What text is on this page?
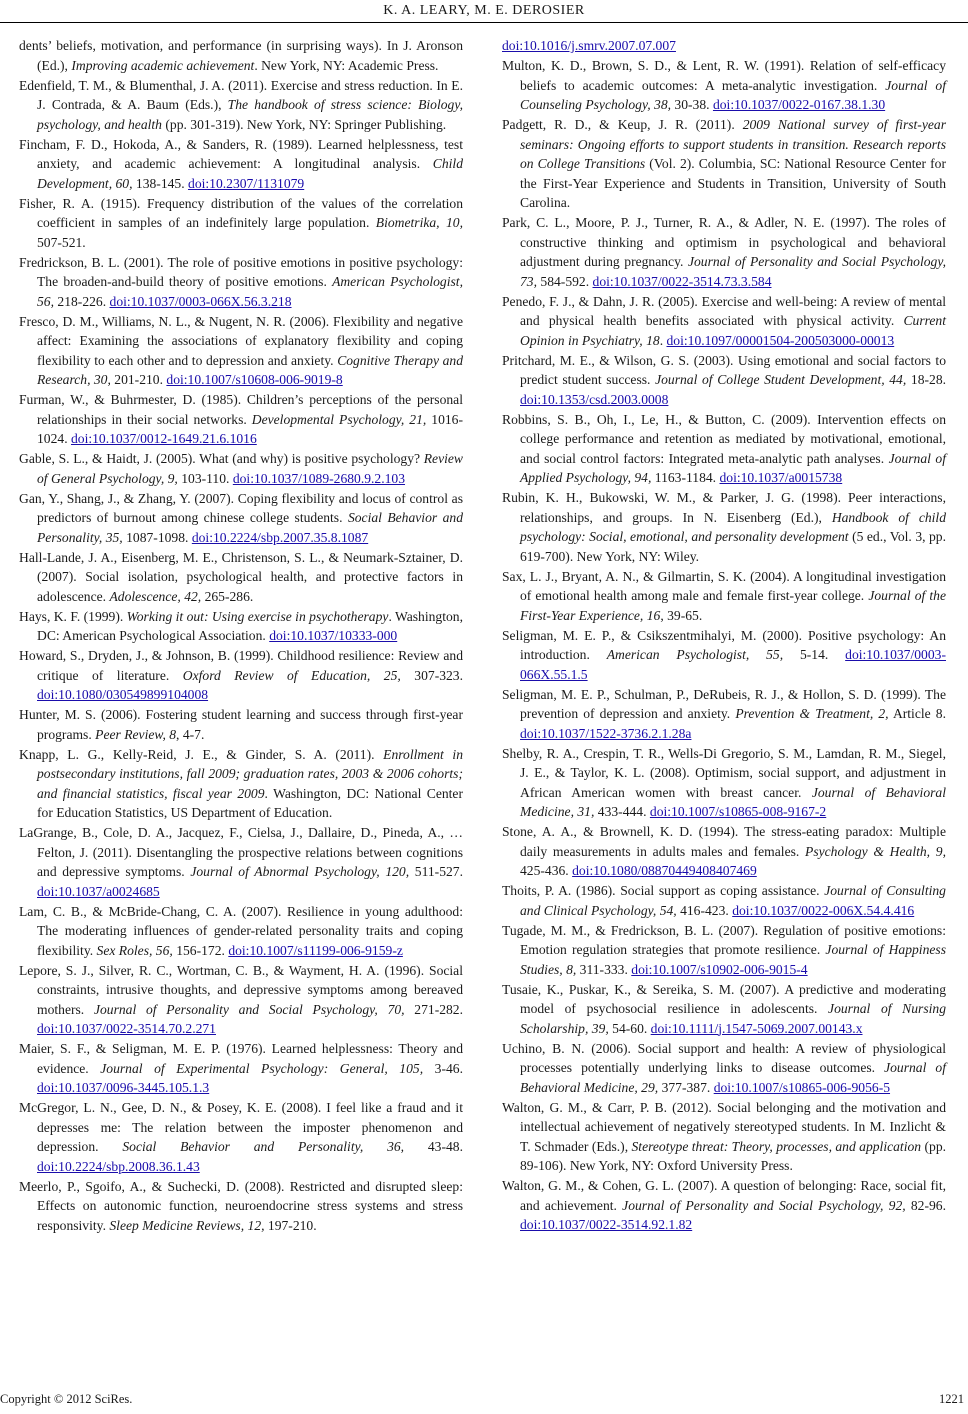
K. A. LEARY, M. E. DEROSIER

dents’ beliefs, motivation, and performance (in surprising ways). In J. Aronson (Ed.), Improving academic achievement. New York, NY: Academic Press.

Edenfield, T. M., & Blumenthal, J. A. (2011). Exercise and stress reduction. In E. J. Contrada, & A. Baum (Eds.), The handbook of stress science: Biology, psychology, and health (pp. 301-319). New York, NY: Springer Publishing.

Fincham, F. D., Hokoda, A., & Sanders, R. (1989). Learned helplessness, test anxiety, and academic achievement: A longitudinal analysis. Child Development, 60, 138-145. doi:10.2307/1131079

Fisher, R. A. (1915). Frequency distribution of the values of the correlation coefficient in samples of an indefinitely large population. Biometrika, 10, 507-521.

Fredrickson, B. L. (2001). The role of positive emotions in positive psychology: The broaden-and-build theory of positive emotions. American Psychologist, 56, 218-226. doi:10.1037/0003-066X.56.3.218

Fresco, D. M., Williams, N. L., & Nugent, N. R. (2006). Flexibility and negative affect: Examining the associations of explanatory flexibility and coping flexibility to each other and to depression and anxiety. Cognitive Therapy and Research, 30, 201-210. doi:10.1007/s10608-006-9019-8

Furman, W., & Buhrmester, D. (1985). Children’s perceptions of the personal relationships in their social networks. Developmental Psychology, 21, 1016-1024. doi:10.1037/0012-1649.21.6.1016

Gable, S. L., & Haidt, J. (2005). What (and why) is positive psychology? Review of General Psychology, 9, 103-110. doi:10.1037/1089-2680.9.2.103

Gan, Y., Shang, J., & Zhang, Y. (2007). Coping flexibility and locus of control as predictors of burnout among chinese college students. Social Behavior and Personality, 35, 1087-1098. doi:10.2224/sbp.2007.35.8.1087

Hall-Lande, J. A., Eisenberg, M. E., Christenson, S. L., & Neumark-Sztainer, D. (2007). Social isolation, psychological health, and protective factors in adolescence. Adolescence, 42, 265-286.

Hays, K. F. (1999). Working it out: Using exercise in psychotherapy. Washington, DC: American Psychological Association. doi:10.1037/10333-000

Howard, S., Dryden, J., & Johnson, B. (1999). Childhood resilience: Review and critique of literature. Oxford Review of Education, 25, 307-323. doi:10.1080/030549899104008

Hunter, M. S. (2006). Fostering student learning and success through first-year programs. Peer Review, 8, 4-7.

Knapp, L. G., Kelly-Reid, J. E., & Ginder, S. A. (2011). Enrollment in postsecondary institutions, fall 2009; graduation rates, 2003 & 2006 cohorts; and financial statistics, fiscal year 2009. Washington, DC: National Center for Education Statistics, US Department of Education.

LaGrange, B., Cole, D. A., Jacquez, F., Cielsa, J., Dallaire, D., Pineda, A., … Felton, J. (2011). Disentangling the prospective relations between cognitions and depressive symptoms. Journal of Abnormal Psychology, 120, 511-527. doi:10.1037/a0024685

Lam, C. B., & McBride-Chang, C. A. (2007). Resilience in young adulthood: The moderating influences of gender-related personality traits and coping flexibility. Sex Roles, 56, 156-172. doi:10.1007/s11199-006-9159-z

Lepore, S. J., Silver, R. C., Wortman, C. B., & Wayment, H. A. (1996). Social constraints, intrusive thoughts, and depressive symptoms among bereaved mothers. Journal of Personality and Social Psychology, 70, 271-282. doi:10.1037/0022-3514.70.2.271

Maier, S. F., & Seligman, M. E. P. (1976). Learned helplessness: Theory and evidence. Journal of Experimental Psychology: General, 105, 3-46. doi:10.1037/0096-3445.105.1.3

McGregor, L. N., Gee, D. N., & Posey, K. E. (2008). I feel like a fraud and it depresses me: The relation between the imposter phenomenon and depression. Social Behavior and Personality, 36, 43-48. doi:10.2224/sbp.2008.36.1.43

Meerlo, P., Sgoifo, A., & Suchecki, D. (2008). Restricted and disrupted sleep: Effects on autonomic function, neuroendocrine stress systems and stress responsivity. Sleep Medicine Reviews, 12, 197-210.

doi:10.1016/j.smrv.2007.07.007

Multon, K. D., Brown, S. D., & Lent, R. W. (1991). Relation of self-efficacy beliefs to academic outcomes: A meta-analytic investigation. Journal of Counseling Psychology, 38, 30-38. doi:10.1037/0022-0167.38.1.30

Padgett, R. D., & Keup, J. R. (2011). 2009 National survey of first-year seminars: Ongoing efforts to support students in transition. Research reports on College Transitions (Vol. 2). Columbia, SC: National Resource Center for the First-Year Experience and Students in Transition, University of South Carolina.

Park, C. L., Moore, P. J., Turner, R. A., & Adler, N. E. (1997). The roles of constructive thinking and optimism in psychological and behavioral adjustment during pregnancy. Journal of Personality and Social Psychology, 73, 584-592. doi:10.1037/0022-3514.73.3.584

Penedo, F. J., & Dahn, J. R. (2005). Exercise and well-being: A review of mental and physical health benefits associated with physical activity. Current Opinion in Psychiatry, 18. doi:10.1097/00001504-200503000-00013

Pritchard, M. E., & Wilson, G. S. (2003). Using emotional and social factors to predict student success. Journal of College Student Development, 44, 18-28. doi:10.1353/csd.2003.0008

Robbins, S. B., Oh, I., Le, H., & Button, C. (2009). Intervention effects on college performance and retention as mediated by motivational, emotional, and social control factors: Integrated meta-analytic path analyses. Journal of Applied Psychology, 94, 1163-1184. doi:10.1037/a0015738

Rubin, K. H., Bukowski, W. M., & Parker, J. G. (1998). Peer interactions, relationships, and groups. In N. Eisenberg (Ed.), Handbook of child psychology: Social, emotional, and personality development (5 ed., Vol. 3, pp. 619-700). New York, NY: Wiley.

Sax, L. J., Bryant, A. N., & Gilmartin, S. K. (2004). A longitudinal investigation of emotional health among male and female first-year college. Journal of the First-Year Experience, 16, 39-65.

Seligman, M. E. P., & Csikszentmihalyi, M. (2000). Positive psychology: An introduction. American Psychologist, 55, 5-14. doi:10.1037/0003-066X.55.1.5

Seligman, M. E. P., Schulman, P., DeRubeis, R. J., & Hollon, S. D. (1999). The prevention of depression and anxiety. Prevention & Treatment, 2, Article 8. doi:10.1037/1522-3736.2.1.28a

Shelby, R. A., Crespin, T. R., Wells-Di Gregorio, S. M., Lamdan, R. M., Siegel, J. E., & Taylor, K. L. (2008). Optimism, social support, and adjustment in African American women with breast cancer. Journal of Behavioral Medicine, 31, 433-444. doi:10.1007/s10865-008-9167-2

Stone, A. A., & Brownell, K. D. (1994). The stress-eating paradox: Multiple daily measurements in adults males and females. Psychology & Health, 9, 425-436. doi:10.1080/08870449408407469

Thoits, P. A. (1986). Social support as coping assistance. Journal of Consulting and Clinical Psychology, 54, 416-423. doi:10.1037/0022-006X.54.4.416

Tugade, M. M., & Fredrickson, B. L. (2007). Regulation of positive emotions: Emotion regulation strategies that promote resilience. Journal of Happiness Studies, 8, 311-333. doi:10.1007/s10902-006-9015-4

Tusaie, K., Puskar, K., & Sereika, S. M. (2007). A predictive and moderating model of psychosocial resilience in adolescents. Journal of Nursing Scholarship, 39, 54-60. doi:10.1111/j.1547-5069.2007.00143.x

Uchino, B. N. (2006). Social support and health: A review of physiological processes potentially underlying links to disease outcomes. Journal of Behavioral Medicine, 29, 377-387. doi:10.1007/s10865-006-9056-5

Walton, G. M., & Carr, P. B. (2012). Social belonging and the motivation and intellectual achievement of negatively stereotyped students. In M. Inzlicht & T. Schmader (Eds.), Stereotype threat: Theory, processes, and application (pp. 89-106). New York, NY: Oxford University Press.

Walton, G. M., & Cohen, G. L. (2007). A question of belonging: Race, social fit, and achievement. Journal of Personality and Social Psychology, 92, 82-96. doi:10.1037/0022-3514.92.1.82

Copyright © 2012 SciRes.	1221
